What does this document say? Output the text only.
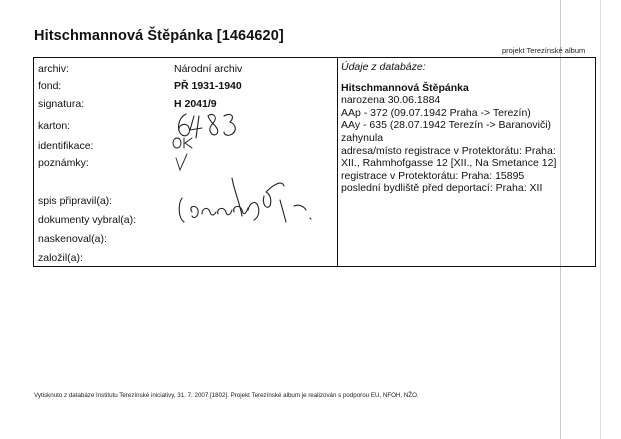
Hitschmannová Štěpánka [1464620]
projekt Terezínské album
archiv:
fond:
signatura:
karton:
identifikace:
poznámky:
spis připravil(a):
dokumenty vybral(a):
naskenoval(a):
založil(a):
Národní archiv
PŘ 1931-1940
H 2041/9
Údaje z databáze:
Hitschmannová Štěpánka
narozena 30.06.1884
AAp - 372 (09.07.1942 Praha -> Terezín)
AAy - 635 (28.07.1942 Terezín -> Baranoviči)
zahynula
adresa/místo registrace v Protektorátu: Praha:
XII., Rahmhofgasse 12 [XII., Na Smetance 12]
registrace v Protektorátu: Praha: 15895
poslední bydliště před deportací: Praha: XII
Vytisknuto z databáze Institutu Terezínské iniciativy, 31. 7. 2007 [1802]. Projekt Terezínské album je realizován s podporou EU, NFOH, NŽO.
